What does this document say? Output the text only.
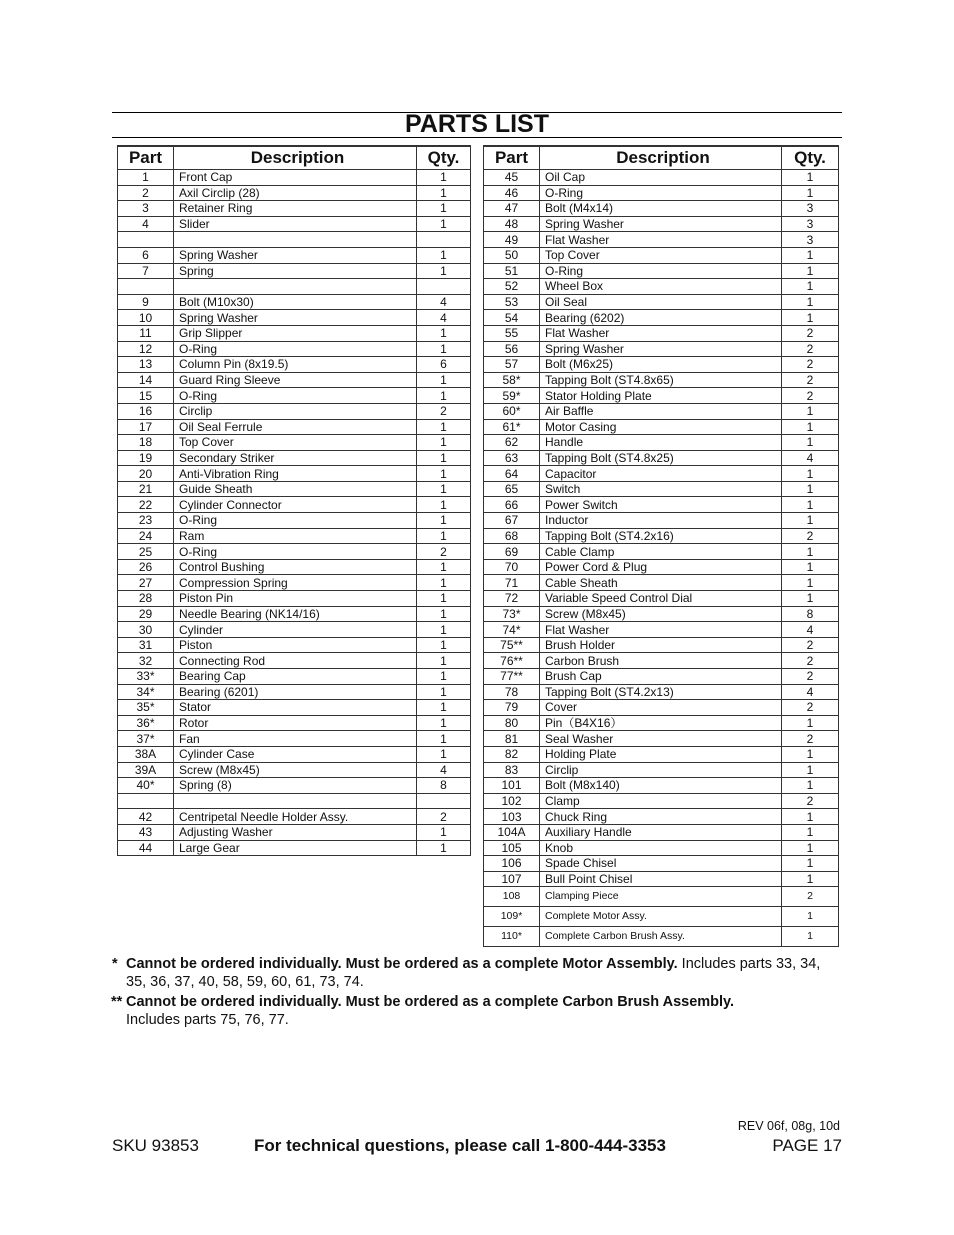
PARTS LIST
Part	Description	Qty.
1	Front Cap	1
2	Axil Circlip (28)	1
3	Retainer Ring	1
4	Slider	1

6	Spring Washer	1
7	Spring	1

9	Bolt (M10x30)	4
10	Spring Washer	4
11	Grip Slipper	1
12	O-Ring	1
13	Column Pin (8x19.5)	6
14	Guard Ring Sleeve	1
15	O-Ring	1
16	Circlip	2
17	Oil Seal Ferrule	1
18	Top Cover	1
19	Secondary Striker	1
20	Anti-Vibration Ring	1
21	Guide Sheath	1
22	Cylinder Connector	1
23	O-Ring	1
24	Ram	1
25	O-Ring	2
26	Control Bushing	1
27	Compression Spring	1
28	Piston Pin	1
29	Needle Bearing (NK14/16)	1
30	Cylinder	1
31	Piston	1
32	Connecting Rod	1
33*	Bearing Cap	1
34*	Bearing (6201)	1
35*	Stator	1
36*	Rotor	1
37*	Fan	1
38A	Cylinder Case	1
39A	Screw (M8x45)	4
40*	Spring (8)	8

42	Centripetal Needle Holder Assy.	2
43	Adjusting Washer	1
44	Large Gear	1
Part	Description	Qty.
45	Oil Cap	1
46	O-Ring	1
47	Bolt (M4x14)	3
48	Spring Washer	3
49	Flat Washer	3
50	Top Cover	1
51	O-Ring	1
52	Wheel Box	1
53	Oil Seal	1
54	Bearing (6202)	1
55	Flat Washer	2
56	Spring Washer	2
57	Bolt (M6x25)	2
58*	Tapping Bolt (ST4.8x65)	2
59*	Stator Holding Plate	2
60*	Air Baffle	1
61*	Motor Casing	1
62	Handle	1
63	Tapping Bolt (ST4.8x25)	4
64	Capacitor	1
65	Switch	1
66	Power Switch	1
67	Inductor	1
68	Tapping Bolt (ST4.2x16)	2
69	Cable Clamp	1
70	Power Cord & Plug	1
71	Cable Sheath	1
72	Variable Speed Control Dial	1
73*	Screw (M8x45)	8
74*	Flat Washer	4
75**	Brush Holder	2
76**	Carbon Brush	2
77**	Brush Cap	2
78	Tapping Bolt (ST4.2x13)	4
79	Cover	2
80	Pin（B4X16）	1
81	Seal Washer	2
82	Holding Plate	1
83	Circlip	1
101	Bolt (M8x140)	1
102	Clamp	2
103	Chuck Ring	1
104A	Auxiliary Handle	1
105	Knob	1
106	Spade Chisel	1
107	Bull Point Chisel	1
108	Clamping Piece	2
109*	Complete Motor Assy.	1
110*	Complete Carbon Brush Assy.	1
* Cannot be ordered individually. Must be ordered as a complete Motor Assembly. Includes parts 33, 34, 35, 36, 37, 40, 58, 59, 60, 61, 73, 74.
** Cannot be ordered individually. Must be ordered as a complete Carbon Brush Assembly.
Includes parts 75, 76, 77.
REV 06f, 08g, 10d
SKU 93853	For technical questions, please call 1-800-444-3353	PAGE 17
